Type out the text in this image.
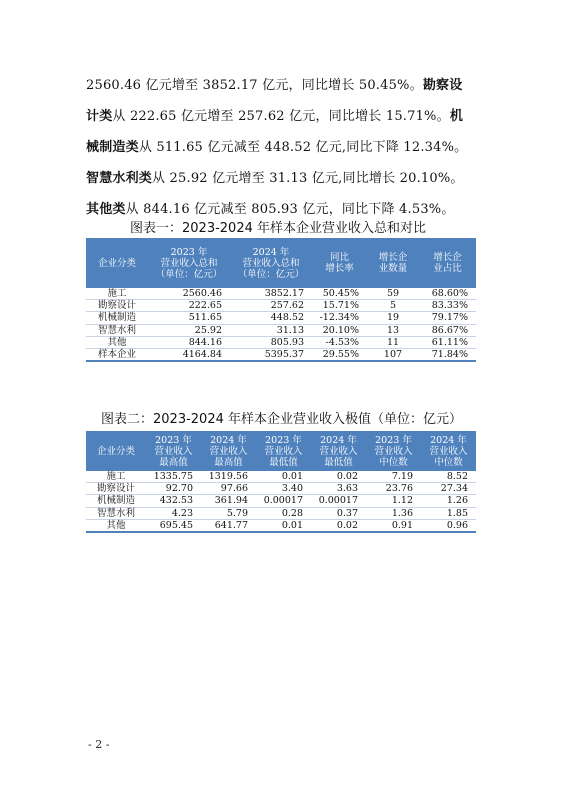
2560.46 亿元增至 3852.17 亿元，同比增长 50.45%。勘察设
计类从 222.65 亿元增至 257.62 亿元，同比增长 15.71%。机
械制造类从 511.65 亿元减至 448.52 亿元,同比下降 12.34%。
智慧水利类从 25.92 亿元增至 31.13 亿元,同比增长 20.10%。
其他类从 844.16 亿元减至 805.93 亿元，同比下降 4.53%。
图表一：2023-2024 年样本企业营业收入总和对比
企业分类	2023 年
营业收入总和
（单位：亿元）	2024 年
营业收入总和
（单位：亿元）	同比
增长率	增长企
业数量	增长企
业占比
施工	2560.46	3852.17	50.45%	59	68.60%
勘察设计	222.65	257.62	15.71%	5	83.33%
机械制造	511.65	448.52	-12.34%	19	79.17%
智慧水利	25.92	31.13	20.10%	13	86.67%
其他	844.16	805.93	-4.53%	11	61.11%
样本企业	4164.84	5395.37	29.55%	107	71.84%
图表二：2023-2024 年样本企业营业收入极值（单位：亿元）
企业分类	2023 年
营业收入
最高值	2024 年
营业收入
最高值	2023 年
营业收入
最低值	2024 年
营业收入
最低值	2023 年
营业收入
中位数	2024 年
营业收入
中位数
施工	1335.75	1319.56	0.01	0.02	7.19	8.52
勘察设计	92.70	97.66	3.40	3.63	23.76	27.34
机械制造	432.53	361.94	0.00017	0.00017	1.12	1.26
智慧水利	4.23	5.79	0.28	0.37	1.36	1.85
其他	695.45	641.77	0.01	0.02	0.91	0.96
- 2 -
